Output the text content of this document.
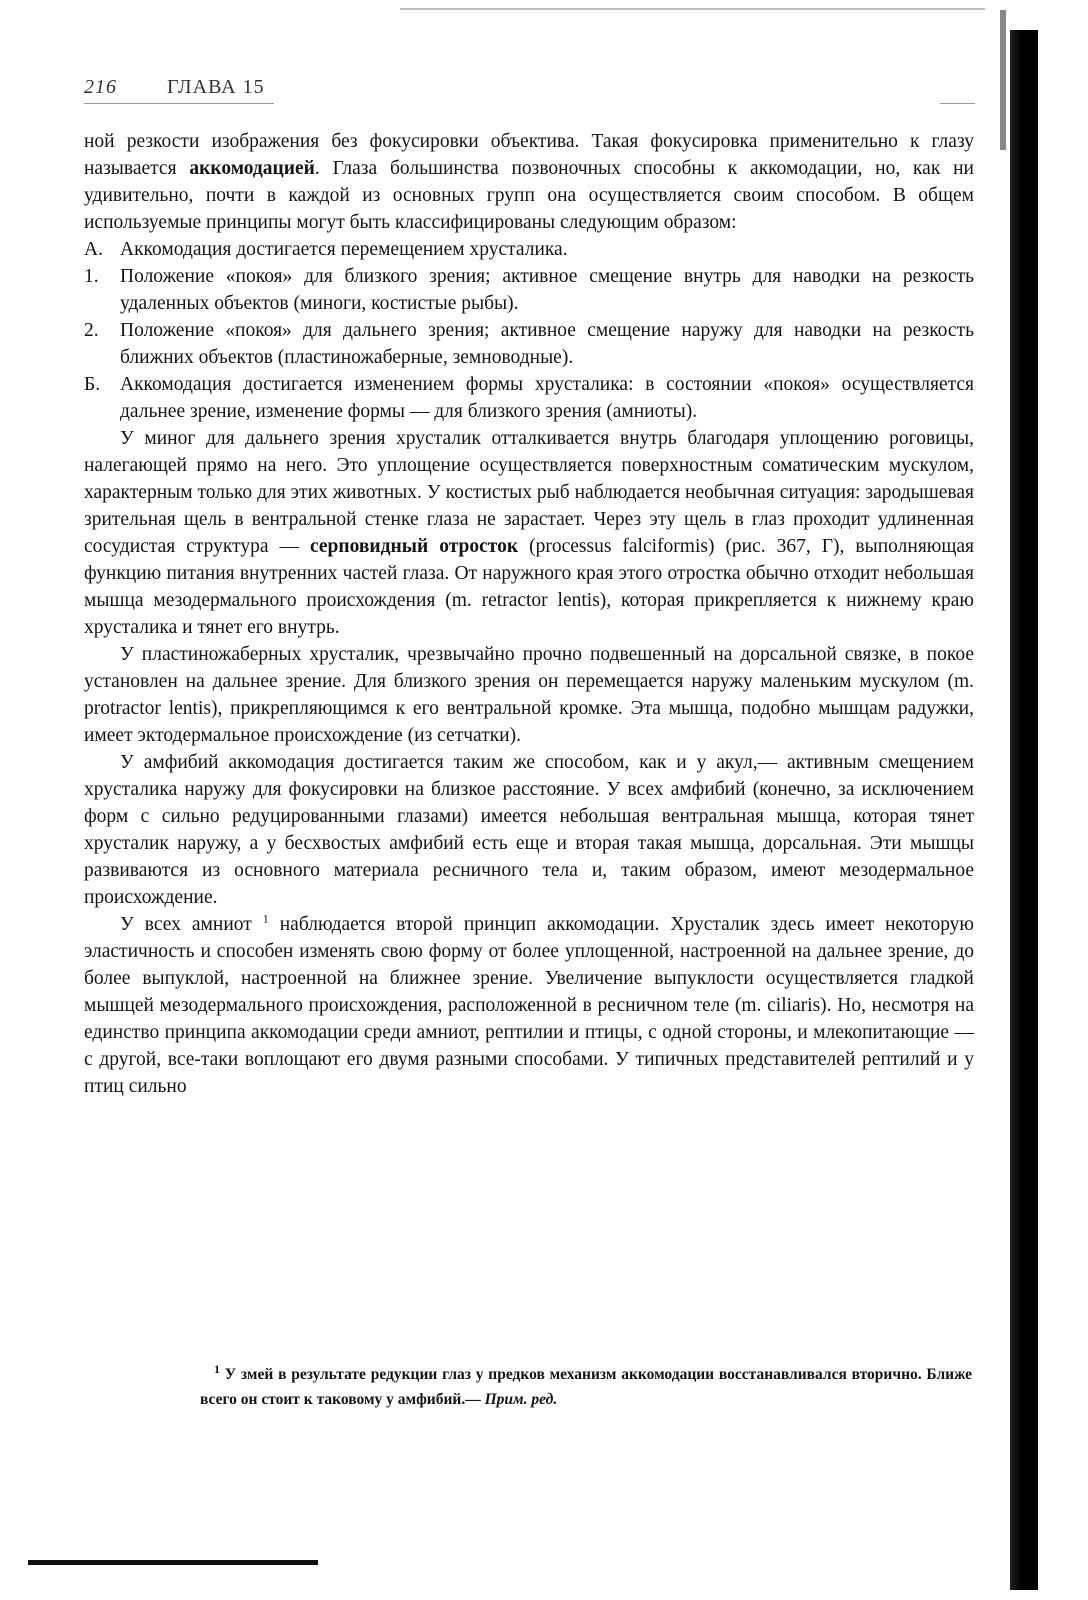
216	ГЛАВА 15

ной резкости изображения без фокусировки объектива. Такая фокусировка применительно к глазу называется аккомодацией. Глаза большинства позвоночных способны к аккомодации, но, как ни удивительно, почти в каждой из основных групп она осуществляется своим способом. В общем используемые принципы могут быть классифицированы следующим образом:

А. Аккомодация достигается перемещением хрусталика.

1. Положение «покоя» для близкого зрения; активное смещение внутрь для наводки на резкость удаленных объектов (миноги, костистые рыбы).

2. Положение «покоя» для дальнего зрения; активное смещение наружу для наводки на резкость ближних объектов (пластиножаберные, земноводные).

Б. Аккомодация достигается изменением формы хрусталика: в состоянии «покоя» осуществляется дальнее зрение, изменение формы — для близкого зрения (амниоты).

У миног для дальнего зрения хрусталик отталкивается внутрь благодаря уплощению роговицы, налегающей прямо на него. Это уплощение осуществляется поверхностным соматическим мускулом, характерным только для этих животных. У костистых рыб наблюдается необычная ситуация: зародышевая зрительная щель в вентральной стенке глаза не зарастает. Через эту щель в глаз проходит удлиненная сосудистая структура — серповидный отросток (processus falciformis) (рис. 367, Г), выполняющая функцию питания внутренних частей глаза. От наружного края этого отростка обычно отходит небольшая мышца мезодермального происхождения (m. retractor lentis), которая прикрепляется к нижнему краю хрусталика и тянет его внутрь.

У пластиножаберных хрусталик, чрезвычайно прочно подвешенный на дорсальной связке, в покое установлен на дальнее зрение. Для близкого зрения он перемещается наружу маленьким мускулом (m. protractor lentis), прикрепляющимся к его вентральной кромке. Эта мышца, подобно мышцам радужки, имеет эктодермальное происхождение (из сетчатки).

У амфибий аккомодация достигается таким же способом, как и у акул,— активным смещением хрусталика наружу для фокусировки на близкое расстояние. У всех амфибий (конечно, за исключением форм с сильно редуцированными глазами) имеется небольшая вентральная мышца, которая тянет хрусталик наружу, а у бесхвостых амфибий есть еще и вторая такая мышца, дорсальная. Эти мышцы развиваются из основного материала ресничного тела и, таким образом, имеют мезодермальное происхождение.

У всех амниот $^1$ наблюдается второй принцип аккомодации. Хрусталик здесь имеет некоторую эластичность и способен изменять свою форму от более уплощенной, настроенной на дальнее зрение, до более выпуклой, настроенной на ближнее зрение. Увеличение выпуклости осуществляется гладкой мышцей мезодермального происхождения, расположенной в ресничном теле (m. ciliaris). Но, несмотря на единство принципа аккомодации среди амниот, рептилии и птицы, с одной стороны, и млекопитающие — с другой, все-таки воплощают его двумя разными способами. У типичных представителей рептилий и у птиц сильно

$^1$ У змей в результате редукции глаз у предков механизм аккомодации восстанавливался вторично. Ближе всего он стоит к таковому у амфибий.— Прим. ред.
